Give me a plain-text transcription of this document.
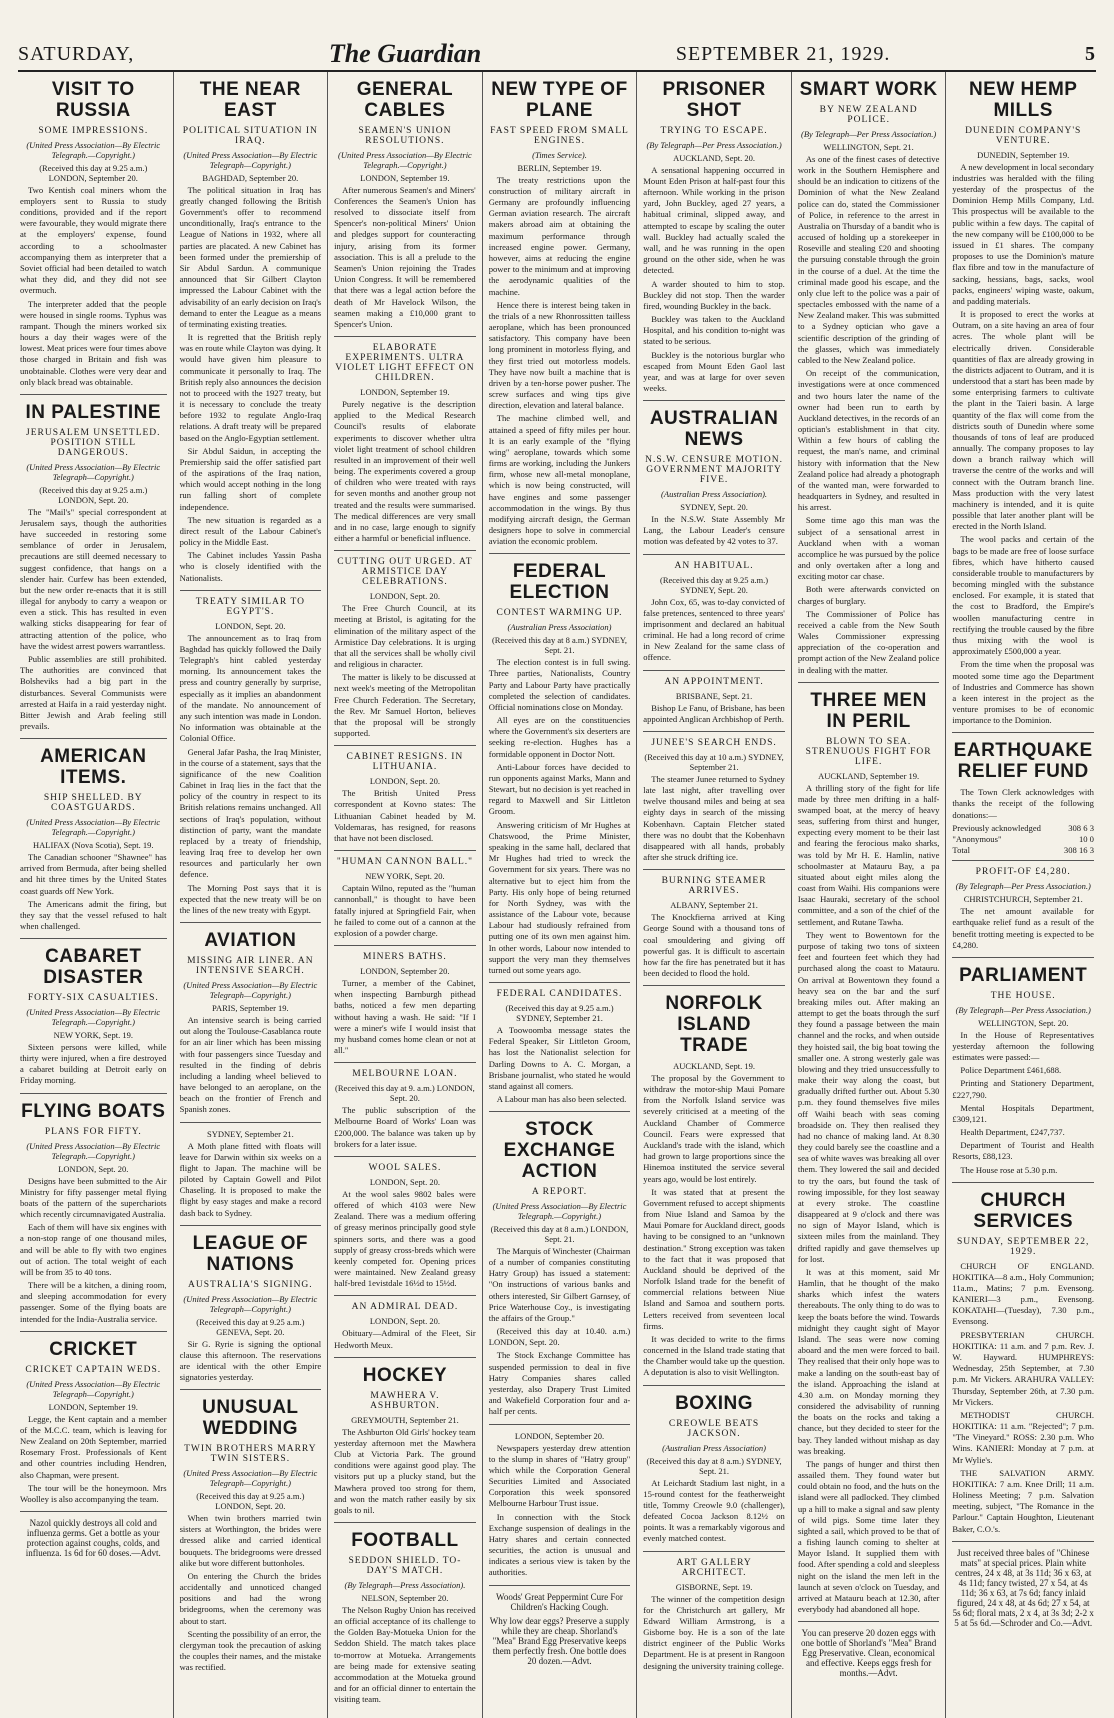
SATURDAY,	The Guardian	SEPTEMBER 21, 1929.	5
VISIT TO RUSSIA
SOME IMPRESSIONS.
(United Press Association—By Electric Telegraph.—Copyright.)
(Received this day at 9.25 a.m.) LONDON, September 20.

Two Kentish coal miners whom the employers sent to Russia to study conditions, provided and if the report were favourable, they would migrate there at the employers' expense, found according to a schoolmaster accompanying them as interpreter that a Soviet official had been detailed to watch what they did, and they did not see overmuch.

The interpreter added that the people were housed in single rooms. Typhus was rampant. Though the miners worked six hours a day their wages were of the lowest. Meat prices were four times above those charged in Britain and fish was unobtainable. Clothes were very dear and only black bread was obtainable.

IN PALESTINE
JERUSALEM UNSETTLED. POSITION STILL DANGEROUS.
(United Press Association—By Electric Telegraph—Copyright.)
(Received this day at 9.25 a.m.) LONDON, Sept. 20.

The "Mail's" special correspondent at Jerusalem says, though the authorities have succeeded in restoring some semblance of order in Jerusalem, precautions are still deemed necessary to suggest confidence, that hangs on a slender hair. Curfew has been extended, but the new order re-enacts that it is still illegal for anybody to carry a weapon or even a stick. This has resulted in even walking sticks disappearing for fear of attracting attention of the police, who have the widest arrest powers warrantless.

Public assemblies are still prohibited. The authorities are convinced that Bolsheviks had a big part in the disturbances. Several Communists were arrested at Haifa in a raid yesterday night. Bitter Jewish and Arab feeling still prevails.

AMERICAN ITEMS.
SHIP SHELLED. BY COASTGUARDS.
(United Press Association—By Electric Telegraph.—Copyright.)
HALIFAX (Nova Scotia), Sept. 19.

The Canadian schooner "Shawnee" has arrived from Bermuda, after being shelled and hit three times by the United States coast guards off New York.

The Americans admit the firing, but they say that the vessel refused to halt when challenged.

CABARET DISASTER
FORTY-SIX CASUALTIES.
(United Press Association—By Electric Telegraph.—Copyright.)
NEW YORK, Sept. 19.

Sixteen persons were killed, while thirty were injured, when a fire destroyed a cabaret building at Detroit early on Friday morning.

FLYING BOATS
PLANS FOR FIFTY.
(United Press Association—By Electric Telegraph.—Copyright.)
LONDON, Sept. 20.

Designs have been submitted to the Air Ministry for fifty passenger metal flying boats of the pattern of the superchariots which recently circumnavigated Australia.

Each of them will have six engines with a non-stop range of one thousand miles, and will be able to fly with two engines out of action. The total weight of each will be from 35 to 40 tons.

There will be a kitchen, a dining room, and sleeping accommodation for every passenger. Some of the flying boats are intended for the India-Australia service.

CRICKET
CRICKET CAPTAIN WEDS.
(United Press Association—By Electric Telegraph—Copyright.)
LONDON, September 19.

Legge, the Kent captain and a member of the M.C.C. team, which is leaving for New Zealand on 20th September, married Rosemary Frost. Professionals of Kent and other countries including Hendren, also Chapman, were present.

The tour will be the honeymoon. Mrs Woolley is also accompanying the team.

Nazol quickly destroys all cold and influenza germs. Get a bottle as your protection against coughs, colds, and influenza. 1s 6d for 60 doses.—Advt.
THE NEAR EAST
POLITICAL SITUATION IN IRAQ.
(United Press Association—By Electric Telegraph—Copyright.)
BAGHDAD, September 20.

The political situation in Iraq has greatly changed following the British Government's offer to recommend unconditionally, Iraq's entrance to the League of Nations in 1932, where all parties are placated. A new Cabinet has been formed under the premiership of Sir Abdul Sardun. A communique announced that Sir Gilbert Clayton impressed the Labour Cabinet with the advisability of an early decision on Iraq's demand to enter the League as a means of terminating existing treaties.

It is regretted that the British reply was en route while Clayton was dying. It would have given him pleasure to communicate it personally to Iraq. The British reply also announces the decision not to proceed with the 1927 treaty, but it is necessary to conclude the treaty before 1932 to regulate Anglo-Iraq relations. A draft treaty will be prepared based on the Anglo-Egyptian settlement.

Sir Abdul Saidun, in accepting the Premiership said the offer satisfied part of the aspirations of the Iraq nation, which would accept nothing in the long run falling short of complete independence.

The new situation is regarded as a direct result of the Labour Cabinet's policy in the Middle East.

The Cabinet includes Yassin Pasha who is closely identified with the Nationalists.

TREATY SIMILAR TO EGYPT'S.
LONDON, Sept. 20.

The announcement as to Iraq from Baghdad has quickly followed the Daily Telegraph's hint cabled yesterday morning. Its announcement takes the press and country generally by surprise, especially as it implies an abandonment of the mandate. No announcement of any such intention was made in London. No information was obtainable at the Colonial Office.

General Jafar Pasha, the Iraq Minister, in the course of a statement, says that the significance of the new Coalition Cabinet in Iraq lies in the fact that the policy of the country in respect to its British relations remains unchanged. All sections of Iraq's population, without distinction of party, want the mandate replaced by a treaty of friendship, leaving Iraq free to develop her own resources and particularly her own defence.

The Morning Post says that it is expected that the new treaty will be on the lines of the new treaty with Egypt.

AVIATION
MISSING AIR LINER. AN INTENSIVE SEARCH.
(United Press Association—By Electric Telegraph—Copyright.)
PARIS, September 19.

An intensive search is being carried out along the Toulouse-Casablanca route for an air liner which has been missing with four passengers since Tuesday and resulted in the finding of debris including a landing wheel believed to have belonged to an aeroplane, on the beach on the frontier of French and Spanish zones.

SYDNEY, September 21.

A Moth plane fitted with floats will leave for Darwin within six weeks on a flight to Japan. The machine will be piloted by Captain Gowell and Pilot Chaseling. It is proposed to make the flight by easy stages and make a record dash back to Sydney.

LEAGUE OF NATIONS
AUSTRALIA'S SIGNING.
(United Press Association—By Electric Telegraph—Copyright.)
(Received this day at 9.25 a.m.) GENEVA, Sept. 20.

Sir G. Ryrie is signing the optional clause this afternoon. The reservations are identical with the other Empire signatories yesterday.

UNUSUAL WEDDING
TWIN BROTHERS MARRY TWIN SISTERS.
(United Press Association—By Electric Telegraph—Copyright.)
(Received this day at 9.25 a.m.) LONDON, Sept. 20.

When twin brothers married twin sisters at Worthington, the brides were dressed alike and carried identical bouquets. The bridegrooms were dressed alike but wore different buttonholes.

On entering the Church the brides accidentally and unnoticed changed positions and had the wrong bridegrooms, when the ceremony was about to start.

Scenting the possibility of an error, the clergyman took the precaution of asking the couples their names, and the mistake was rectified.

GENERAL CABLES
SEAMEN'S UNION RESOLUTIONS.
(United Press Association—By Electric Telegraph.—Copyright.)
LONDON, September 19.

After numerous Seamen's and Miners' Conferences the Seamen's Union has resolved to dissociate itself from Spencer's non-political Miners' Union and pledges support for counteracting injury, arising from its former association. This is all a prelude to the Seamen's Union rejoining the Trades Union Congress. It will be remembered that there was a legal action before the death of Mr Havelock Wilson, the seamen making a £10,000 grant to Spencer's Union.

ELABORATE EXPERIMENTS. ULTRA VIOLET LIGHT EFFECT ON CHILDREN.
LONDON, September 19.

Purely negative is the description applied to the Medical Research Council's results of elaborate experiments to discover whether ultra violet light treatment of school children resulted in an improvement of their well being. The experiments covered a group of children who were treated with rays for seven months and another group not treated and the results were summarised. The medical differences are very small and in no case, large enough to signify either a harmful or beneficial influence.

CUTTING OUT URGED. AT ARMISTICE DAY CELEBRATIONS.
LONDON, Sept. 20.

The Free Church Council, at its meeting at Bristol, is agitating for the elimination of the military aspect of the Armistice Day celebrations. It is urging that all the services shall be wholly civil and religious in character.

The matter is likely to be discussed at next week's meeting of the Metropolitan Free Church Federation. The Secretary, the Rev. Mr Samuel Horton, believes that the proposal will be strongly supported.

CABINET RESIGNS. IN LITHUANIA.
LONDON, Sept. 20.

The British United Press correspondent at Kovno states: The Lithuanian Cabinet headed by M. Voldemaras, has resigned, for reasons that have not been disclosed.

"HUMAN CANNON BALL."
NEW YORK, Sept. 20.

Captain Wilno, reputed as the "human cannonball," is thought to have been fatally injured at Springfield Fair, when he failed to come out of a cannon at the explosion of a powder charge.

MINERS BATHS.
LONDON, September 20.

Turner, a member of the Cabinet, when inspecting Barnburgh pithead baths, noticed a few men departing without having a wash. He said: "If I were a miner's wife I would insist that my husband comes home clean or not at all."

MELBOURNE LOAN.
(Received this day at 9. a.m.) LONDON, Sept. 20.

The public subscription of the Melbourne Board of Works' Loan was £200,000. The balance was taken up by brokers for a later issue.

WOOL SALES.
LONDON, Sept. 20.

At the wool sales 9802 bales were offered of which 4103 were New Zealand. There was a medium offering of greasy merinos principally good style spinners sorts, and there was a good supply of greasy cross-breds which were keenly competed for. Opening prices were maintained. New Zealand greasy half-bred 1evistdale 16½d to 15½d.

AN ADMIRAL DEAD.
LONDON, Sept. 20.

Obituary—Admiral of the Fleet, Sir Hedworth Meux.

HOCKEY
MAWHERA V. ASHBURTON.
GREYMOUTH, September 21.

The Ashburton Old Girls' hockey team yesterday afternoon met the Mawhera Club at Victoria Park. The ground conditions were against good play. The visitors put up a plucky stand, but the Mawhera proved too strong for them, and won the match rather easily by six goals to nil.

FOOTBALL
SEDDON SHIELD. TO-DAY'S MATCH.
(By Telegraph—Press Association).
NELSON, September 20.

The Nelson Rugby Union has received an official acceptance of its challenge to the Golden Bay-Motueka Union for the Seddon Shield. The match takes place to-morrow at Motueka. Arrangements are being made for extensive seating accommodation at the Motueka ground and for an official dinner to entertain the visiting team.

NEW TYPE OF PLANE
FAST SPEED FROM SMALL ENGINES.
(Times Service).
BERLIN, September 19.

The treaty restrictions upon the construction of military aircraft in Germany are profoundly influencing German aviation research. The aircraft makers abroad aim at obtaining the maximum performance through increased engine power. Germany, however, aims at reducing the engine power to the minimum and at improving the aerodynamic qualities of the machine.

Hence there is interest being taken in the trials of a new Rhonrossitten tailless aeroplane, which has been pronounced satisfactory. This company have been long prominent in motorless flying, and they first tried out motorless models. They have now built a machine that is driven by a ten-horse power pusher. The screw surfaces and wing tips give direction, elevation and lateral balance.

The machine climbed well, and attained a speed of fifty miles per hour. It is an early example of the "flying wing" aeroplane, towards which some firms are working, including the Junkers firm, whose new all-metal monoplane, which is now being constructed, will have engines and some passenger accommodation in the wings. By thus modifying aircraft design, the German designers hope to solve in commercial aviation the economic problem.

FEDERAL ELECTION
CONTEST WARMING UP.
(Australian Press Association)
(Received this day at 8 a.m.) SYDNEY, Sept. 21.

The election contest is in full swing. Three parties, Nationalists, Country Party and Labour Party have practically completed the selection of candidates. Official nominations close on Monday.

All eyes are on the constituencies where the Government's six deserters are seeking re-election. Hughes has a formidable opponent in Doctor Nott.

Anti-Labour forces have decided to run opponents against Marks, Mann and Stewart, but no decision is yet reached in regard to Maxwell and Sir Littleton Groom.

Answering criticism of Mr Hughes at Chatswood, the Prime Minister, speaking in the same hall, declared that Mr Hughes had tried to wreck the Government for six years. There was no alternative but to eject him from the Party. His only hope of being returned for North Sydney, was with the assistance of the Labour vote, because Labour had studiously refrained from putting one of its own men against him. In other words, Labour now intended to support the very man they themselves turned out some years ago.

FEDERAL CANDIDATES.
(Received this day at 9.25 a.m.) SYDNEY, September 21.

A Toowoomba message states the Federal Speaker, Sir Littleton Groom, has lost the Nationalist selection for Darling Downs to A. C. Morgan, a Brisbane journalist, who stated he would stand against all comers.

A Labour man has also been selected.

STOCK EXCHANGE ACTION
A REPORT.
(United Press Association—By Electric Telegraph.—Copyright.)
(Received this day at 8 a.m.) LONDON, Sept. 21.

The Marquis of Winchester (Chairman of a number of companies constituting Hatry Group) has issued a statement: "On instructions of various banks and others interested, Sir Gilbert Garnsey, of Price Waterhouse Coy., is investigating the affairs of the Group."

(Received this day at 10.40. a.m.) LONDON, Sept. 20.

The Stock Exchange Committee has suspended permission to deal in five Hatry Companies shares called yesterday, also Drapery Trust Limited and Wakefield Corporation four and a-half per cents.

LONDON, September 20.

Newspapers yesterday drew attention to the slump in shares of "Hatry group" which while the Corporation General Securities Limited and Associated Corporation this week sponsored Melbourne Harbour Trust issue.

In connection with the Stock Exchange suspension of dealings in the Hatry shares and certain connected securities, the action is unusual and indicates a serious view is taken by the authorities.

Woods' Great Peppermint Cure For Children's Hacking Cough.
Why low dear eggs? Preserve a supply while they are cheap. Shorland's "Mea" Brand Egg Preservative keeps them perfectly fresh. One bottle does 20 dozen.—Advt.
PRISONER SHOT
TRYING TO ESCAPE.
(By Telegraph—Per Press Association.)
AUCKLAND, Sept. 20.

A sensational happening occurred in Mount Eden Prison at half-past four this afternoon. While working in the prison yard, John Buckley, aged 27 years, a habitual criminal, slipped away, and attempted to escape by scaling the outer wall. Buckley had actually scaled the wall, and he was running in the open ground on the other side, when he was detected.

A warder shouted to him to stop. Buckley did not stop. Then the warder fired, wounding Buckley in the back.

Buckley was taken to the Auckland Hospital, and his condition to-night was stated to be serious.

Buckley is the notorious burglar who escaped from Mount Eden Gaol last year, and was at large for over seven weeks.

AUSTRALIAN NEWS
N.S.W. CENSURE MOTION. GOVERNMENT MAJORITY FIVE.
(Australian Press Association).
SYDNEY, Sept. 20.

In the N.S.W. State Assembly Mr Lang, the Labour Leader's censure motion was defeated by 42 votes to 37.

AN HABITUAL.
(Received this day at 9.25 a.m.) SYDNEY, Sept. 20.

John Cox, 65, was to-day convicted of false pretences, sentenced to three years' imprisonment and declared an habitual criminal. He had a long record of crime in New Zealand for the same class of offence.

AN APPOINTMENT.
BRISBANE, Sept. 21.

Bishop Le Fanu, of Brisbane, has been appointed Anglican Archbishop of Perth.

JUNEE'S SEARCH ENDS.
(Received this day at 10 a.m.) SYDNEY, September 21.

The steamer Junee returned to Sydney late last night, after travelling over twelve thousand miles and being at sea eighty days in search of the missing Kobenhavn. Captain Fletcher stated there was no doubt that the Kobenhavn disappeared with all hands, probably after she struck drifting ice.

BURNING STEAMER ARRIVES.
ALBANY, September 21.

The Knockfierna arrived at King George Sound with a thousand tons of coal smouldering and giving off powerful gas. It is difficult to ascertain how far the fire has penetrated but it has been decided to flood the hold.

NORFOLK ISLAND TRADE
AUCKLAND, Sept. 19.

The proposal by the Government to withdraw the motor-ship Maui Pomare from the Norfolk Island service was severely criticised at a meeting of the Auckland Chamber of Commerce Council. Fears were expressed that Auckland's trade with the island, which had grown to large proportions since the Hinemoa instituted the service several years ago, would be lost entirely.

It was stated that at present the Government refused to accept shipments from Niue Island and Samoa by the Maui Pomare for Auckland direct, goods having to be consigned to an "unknown destination." Strong exception was taken to the fact that it was proposed that Auckland should be deprived of the Norfolk Island trade for the benefit of commercial relations between Niue Island and Samoa and southern ports. Letters received from seventeen local firms.

It was decided to write to the firms concerned in the Island trade stating that the Chamber would take up the question. A deputation is also to visit Wellington.

BOXING
CREOWLE BEATS JACKSON.
(Australian Press Association)
(Received this day at 8 a.m.) SYDNEY, Sept. 21.

At Leichardt Stadium last night, in a 15-round contest for the featherweight title, Tommy Creowle 9.0 (challenger), defeated Cocoa Jackson 8.12½ on points. It was a remarkably vigorous and evenly matched contest.

ART GALLERY ARCHITECT.
GISBORNE, Sept. 19.

The winner of the competition design for the Christchurch art gallery, Mr Edward William Armstrong, is a Gisborne boy. He is a son of the late district engineer of the Public Works Department. He is at present in Rangoon designing the university training college.

SMART WORK
BY NEW ZEALAND POLICE.
(By Telegraph—Per Press Association.)
WELLINGTON, Sept. 21.

As one of the finest cases of detective work in the Southern Hemisphere and should be an indication to citizens of the Dominion of what the New Zealand police can do, stated the Commissioner of Police, in reference to the arrest in Australia on Thursday of a bandit who is accused of holding up a storekeeper in Roseville and stealing £20 and shooting the pursuing constable through the groin in the course of a duel. At the time the criminal made good his escape, and the only clue left to the police was a pair of spectacles embossed with the name of a New Zealand maker. This was submitted to a Sydney optician who gave a scientific description of the grinding of the glasses, which was immediately cabled to the New Zealand police.

On receipt of the communication, investigations were at once commenced and two hours later the name of the owner had been run to earth by Auckland detectives, in the records of an optician's establishment in that city. Within a few hours of cabling the request, the man's name, and criminal history with information that the New Zealand police had already a photograph of the wanted man, were forwarded to headquarters in Sydney, and resulted in his arrest.

Some time ago this man was the subject of a sensational arrest in Auckland when with a woman accomplice he was pursued by the police and only overtaken after a long and exciting motor car chase.

Both were afterwards convicted on charges of burglary.

The Commissioner of Police has received a cable from the New South Wales Commissioner expressing appreciation of the co-operation and prompt action of the New Zealand police in dealing with the matter.

THREE MEN IN PERIL
BLOWN TO SEA. STRENUOUS FIGHT FOR LIFE.
AUCKLAND, September 19.

A thrilling story of the fight for life made by three men drifting in a half-swamped boat, at the mercy of heavy seas, suffering from thirst and hunger, expecting every moment to be their last and fearing the ferocious mako sharks, was told by Mr H. E. Hamlin, native schoolmaster at Matauru Bay, a pa situated about eight miles along the coast from Waihi. His companions were Isaac Hauraki, secretary of the school committee, and a son of the chief of the settlement, and Rutane Tawha.

They went to Bowentown for the purpose of taking two tons of sixteen feet and fourteen feet which they had purchased along the coast to Matauru. On arrival at Bowentown they found a heavy sea on the bar and the surf breaking miles out. After making an attempt to get the boats through the surf they found a passage between the main channel and the rocks, and when outside they hoisted sail, the big boat towing the smaller one. A strong westerly gale was blowing and they tried unsuccessfully to make their way along the coast, but gradually drifted further out. About 5.30 p.m. they found themselves five miles off Waihi beach with seas coming broadside on. They then realised they had no chance of making land. At 8.30 they could barely see the coastline and a sea of white waves was breaking all over them. They lowered the sail and decided to try the oars, but found the task of rowing impossible, for they lost seaway at every stroke. The coastline disappeared at 9 o'clock and there was no sign of Mayor Island, which is sixteen miles from the mainland. They drifted rapidly and gave themselves up for lost.

It was at this moment, said Mr Hamlin, that he thought of the mako sharks which infest the waters thereabouts. The only thing to do was to keep the boats before the wind. Towards midnight they caught sight of Mayor Island. The seas were now coming aboard and the men were forced to bail. They realised that their only hope was to make a landing on the south-east bay of the island. Approaching the island at 4.30 a.m. on Monday morning they considered the advisability of running the boats on the rocks and taking a chance, but they decided to steer for the bay. They landed without mishap as day was breaking.

The pangs of hunger and thirst then assailed them. They found water but could obtain no food, and the huts on the island were all padlocked. They climbed up a hill to make a signal and saw plenty of wild pigs. Some time later they sighted a sail, which proved to be that of a fishing launch coming to shelter at Mayor Island. It supplied them with food. After spending a cold and sleepless night on the island the men left in the launch at seven o'clock on Tuesday, and arrived at Matauru beach at 12.30, after everybody had abandoned all hope.

You can preserve 20 dozen eggs with one bottle of Shorland's "Mea" Brand Egg Preservative. Clean, economical and effective. Keeps eggs fresh for months.—Advt.
NEW HEMP MILLS
DUNEDIN COMPANY'S VENTURE.
DUNEDIN, September 19.

A new development in local secondary industries was heralded with the filing yesterday of the prospectus of the Dominion Hemp Mills Company, Ltd. This prospectus will be available to the public within a few days. The capital of the new company will be £100,000 to be issued in £1 shares. The company proposes to use the Dominion's mature flax fibre and tow in the manufacture of sacking, hessians, bags, sacks, wool packs, engineers' wiping waste, oakum, and padding materials.

It is proposed to erect the works at Outram, on a site having an area of four acres. The whole plant will be electrically driven. Considerable quantities of flax are already growing in the districts adjacent to Outram, and it is understood that a start has been made by some enterprising farmers to cultivate the plant in the Taieri basin. A large quantity of the flax will come from the districts south of Dunedin where some thousands of tons of leaf are produced annually. The company proposes to lay down a branch railway which will traverse the centre of the works and will connect with the Outram branch line. Mass production with the very latest machinery is intended, and it is quite possible that later another plant will be erected in the North Island.

The wool packs and certain of the bags to be made are free of loose surface fibres, which have hitherto caused considerable trouble to manufacturers by becoming mingled with the substance enclosed. For example, it is stated that the cost to Bradford, the Empire's woollen manufacturing centre in rectifying the trouble caused by the fibre thus mixing with the wool is approximately £500,000 a year.

From the time when the proposal was mooted some time ago the Department of Industries and Commerce has shown a keen interest in the project as the venture promises to be of economic importance to the Dominion.

EARTHQUAKE RELIEF FUND

The Town Clerk acknowledges with thanks the receipt of the following donations:—

Previously acknowledged	308 6 3
"Anonymous"	10 0
Total	308 16 3
PROFIT-OF £4,280.
(By Telegraph—Per Press Association.)
CHRISTCHURCH, September 21.

The net amount available for earthquake relief fund as a result of the benefit trotting meeting is expected to be £4,280.

PARLIAMENT
THE HOUSE.
(By Telegraph—Per Press Association.)
WELLINGTON, Sept. 20.

In the House of Representatives yesterday afternoon the following estimates were passed:—

Police Department £461,688.

Printing and Stationery Department, £227,790.

Mental Hospitals Department, £309,121.

Health Department, £247,737.

Department of Tourist and Health Resorts, £88,123.

The House rose at 5.30 p.m.

CHURCH SERVICES
SUNDAY, SEPTEMBER 22, 1929.

CHURCH OF ENGLAND. HOKITIKA—8 a.m., Holy Communion; 11a.m., Matins; 7 p.m. Evensong. KANIERI—3 p.m., Evensong. KOKATAHI—(Tuesday), 7.30 p.m., Evensong.

PRESBYTERIAN CHURCH. HOKITIKA: 11 a.m. and 7 p.m. Rev. J. W. Hayward. HUMPHREYS: Wednesday, 25th September, at 7.30 p.m. Mr Vickers. ARAHURA VALLEY: Thursday, September 26th, at 7.30 p.m. Mr Vickers.

METHODIST CHURCH. HOKITIKA: 11 a.m. "Rejected"; 7 p.m. "The Vineyard." ROSS: 2.30 p.m. Who Wins. KANIERI: Monday at 7 p.m. at Mr Wylie's.

THE SALVATION ARMY. HOKITIKA: 7 a.m. Knee Drill; 11 a.m. Holiness Meeting; 7 p.m. Salvation meeting, subject, "The Romance in the Parlour." Captain Houghton, Lieutenant Baker, C.O.'s.

Just received three bales of "Chinese mats" at special prices. Plain white centres, 24 x 48, at 3s 11d; 36 x 63, at 4s 11d; fancy twisted, 27 x 54, at 4s 11d; 36 x 63, at 7s 6d; fancy inlaid figured, 24 x 48, at 4s 6d; 27 x 54, at 5s 6d; floral mats, 2 x 4, at 3s 3d; 2-2 x 5 at 5s 6d.—Schroder and Co.—Advt.
